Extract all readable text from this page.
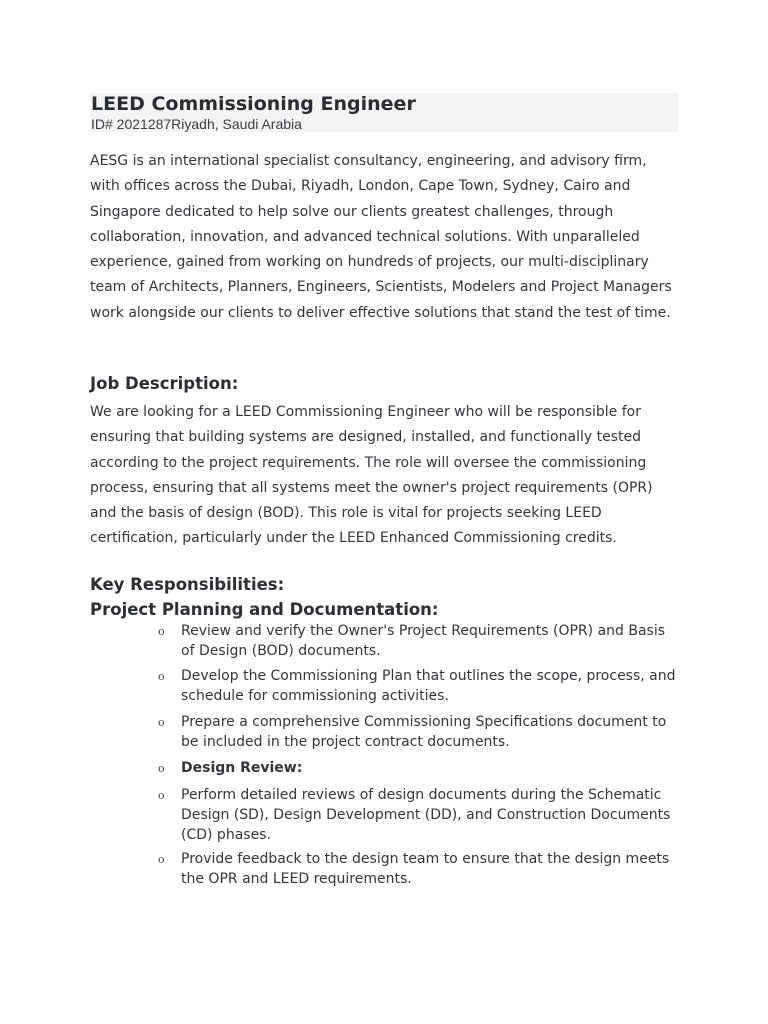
LEED Commissioning Engineer
ID# 2021287Riyadh, Saudi Arabia

AESG is an international specialist consultancy, engineering, and advisory firm, with offices across the Dubai, Riyadh, London, Cape Town, Sydney, Cairo and Singapore dedicated to help solve our clients greatest challenges, through collaboration, innovation, and advanced technical solutions. With unparalleled experience, gained from working on hundreds of projects, our multi-disciplinary team of Architects, Planners, Engineers, Scientists, Modelers and Project Managers work alongside our clients to deliver effective solutions that stand the test of time.

Job Description:

We are looking for a LEED Commissioning Engineer who will be responsible for ensuring that building systems are designed, installed, and functionally tested according to the project requirements. The role will oversee the commissioning process, ensuring that all systems meet the owner's project requirements (OPR) and the basis of design (BOD). This role is vital for projects seeking LEED certification, particularly under the LEED Enhanced Commissioning credits.

Key Responsibilities:
Project Planning and Documentation:
o Review and verify the Owner's Project Requirements (OPR) and Basis of Design (BOD) documents.
o Develop the Commissioning Plan that outlines the scope, process, and schedule for commissioning activities.
o Prepare a comprehensive Commissioning Specifications document to be included in the project contract documents.
o Design Review:
o Perform detailed reviews of design documents during the Schematic Design (SD), Design Development (DD), and Construction Documents (CD) phases.
o Provide feedback to the design team to ensure that the design meets the OPR and LEED requirements.
